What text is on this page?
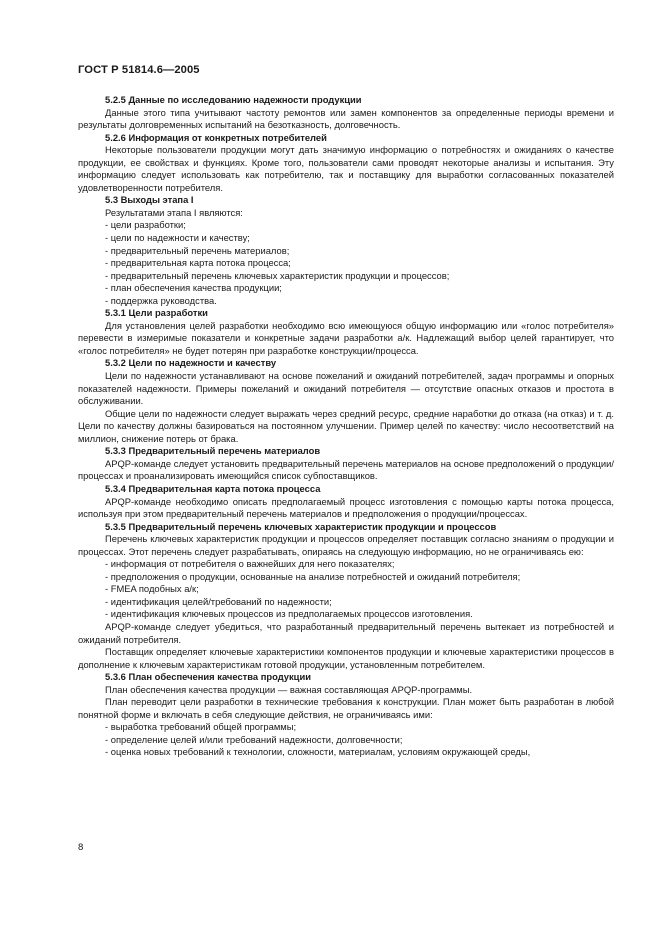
ГОСТ Р 51814.6—2005

5.2.5 Данные по исследованию надежности продукции

Данные этого типа учитывают частоту ремонтов или замен компонентов за определенные периоды времени и результаты долговременных испытаний на безотказность, долговечность.

5.2.6 Информация от конкретных потребителей

Некоторые пользователи продукции могут дать значимую информацию о потребностях и ожиданиях о качестве продукции, ее свойствах и функциях. Кроме того, пользователи сами проводят некоторые анализы и испытания. Эту информацию следует использовать как потребителю, так и поставщику для выработки согласованных показателей удовлетворенности потребителя.

5.3 Выходы этапа I

Результатами этапа I являются:

- цели разработки;

- цели по надежности и качеству;

- предварительный перечень материалов;

- предварительная карта потока процесса;

- предварительный перечень ключевых характеристик продукции и процессов;

- план обеспечения качества продукции;

- поддержка руководства.

5.3.1 Цели разработки

Для установления целей разработки необходимо всю имеющуюся общую информацию или «голос потребителя» перевести в измеримые показатели и конкретные задачи разработки а/к. Надлежащий выбор целей гарантирует, что «голос потребителя» не будет потерян при разработке конструкции/процесса.

5.3.2 Цели по надежности и качеству

Цели по надежности устанавливают на основе пожеланий и ожиданий потребителей, задач программы и опорных показателей надежности. Примеры пожеланий и ожиданий потребителя — отсутствие опасных отказов и простота в обслуживании.

Общие цели по надежности следует выражать через средний ресурс, средние наработки до отказа (на отказ) и т. д. Цели по качеству должны базироваться на постоянном улучшении. Пример целей по качеству: число несоответствий на миллион, снижение потерь от брака.

5.3.3 Предварительный перечень материалов

APQP-команде следует установить предварительный перечень материалов на основе предположений о продукции/процессах и проанализировать имеющийся список субпоставщиков.

5.3.4 Предварительная карта потока процесса

APQP-команде необходимо описать предполагаемый процесс изготовления с помощью карты потока процесса, используя при этом предварительный перечень материалов и предположения о продукции/процессах.

5.3.5 Предварительный перечень ключевых характеристик продукции и процессов

Перечень ключевых характеристик продукции и процессов определяет поставщик согласно знаниям о продукции и процессах. Этот перечень следует разрабатывать, опираясь на следующую информацию, но не ограничиваясь ею:

- информация от потребителя о важнейших для него показателях;

- предположения о продукции, основанные на анализе потребностей и ожиданий потребителя;

- FMEA подобных а/к;

- идентификация целей/требований по надежности;

- идентификация ключевых процессов из предполагаемых процессов изготовления.

APQP-команде следует убедиться, что разработанный предварительный перечень вытекает из потребностей и ожиданий потребителя.

Поставщик определяет ключевые характеристики компонентов продукции и ключевые характеристики процессов в дополнение к ключевым характеристикам готовой продукции, установленным потребителем.

5.3.6 План обеспечения качества продукции

План обеспечения качества продукции — важная составляющая APQP-программы.

План переводит цели разработки в технические требования к конструкции. План может быть разработан в любой понятной форме и включать в себя следующие действия, не ограничиваясь ими:

- выработка требований общей программы;

- определение целей и/или требований надежности, долговечности;

- оценка новых требований к технологии, сложности, материалам, условиям окружающей среды,

8
